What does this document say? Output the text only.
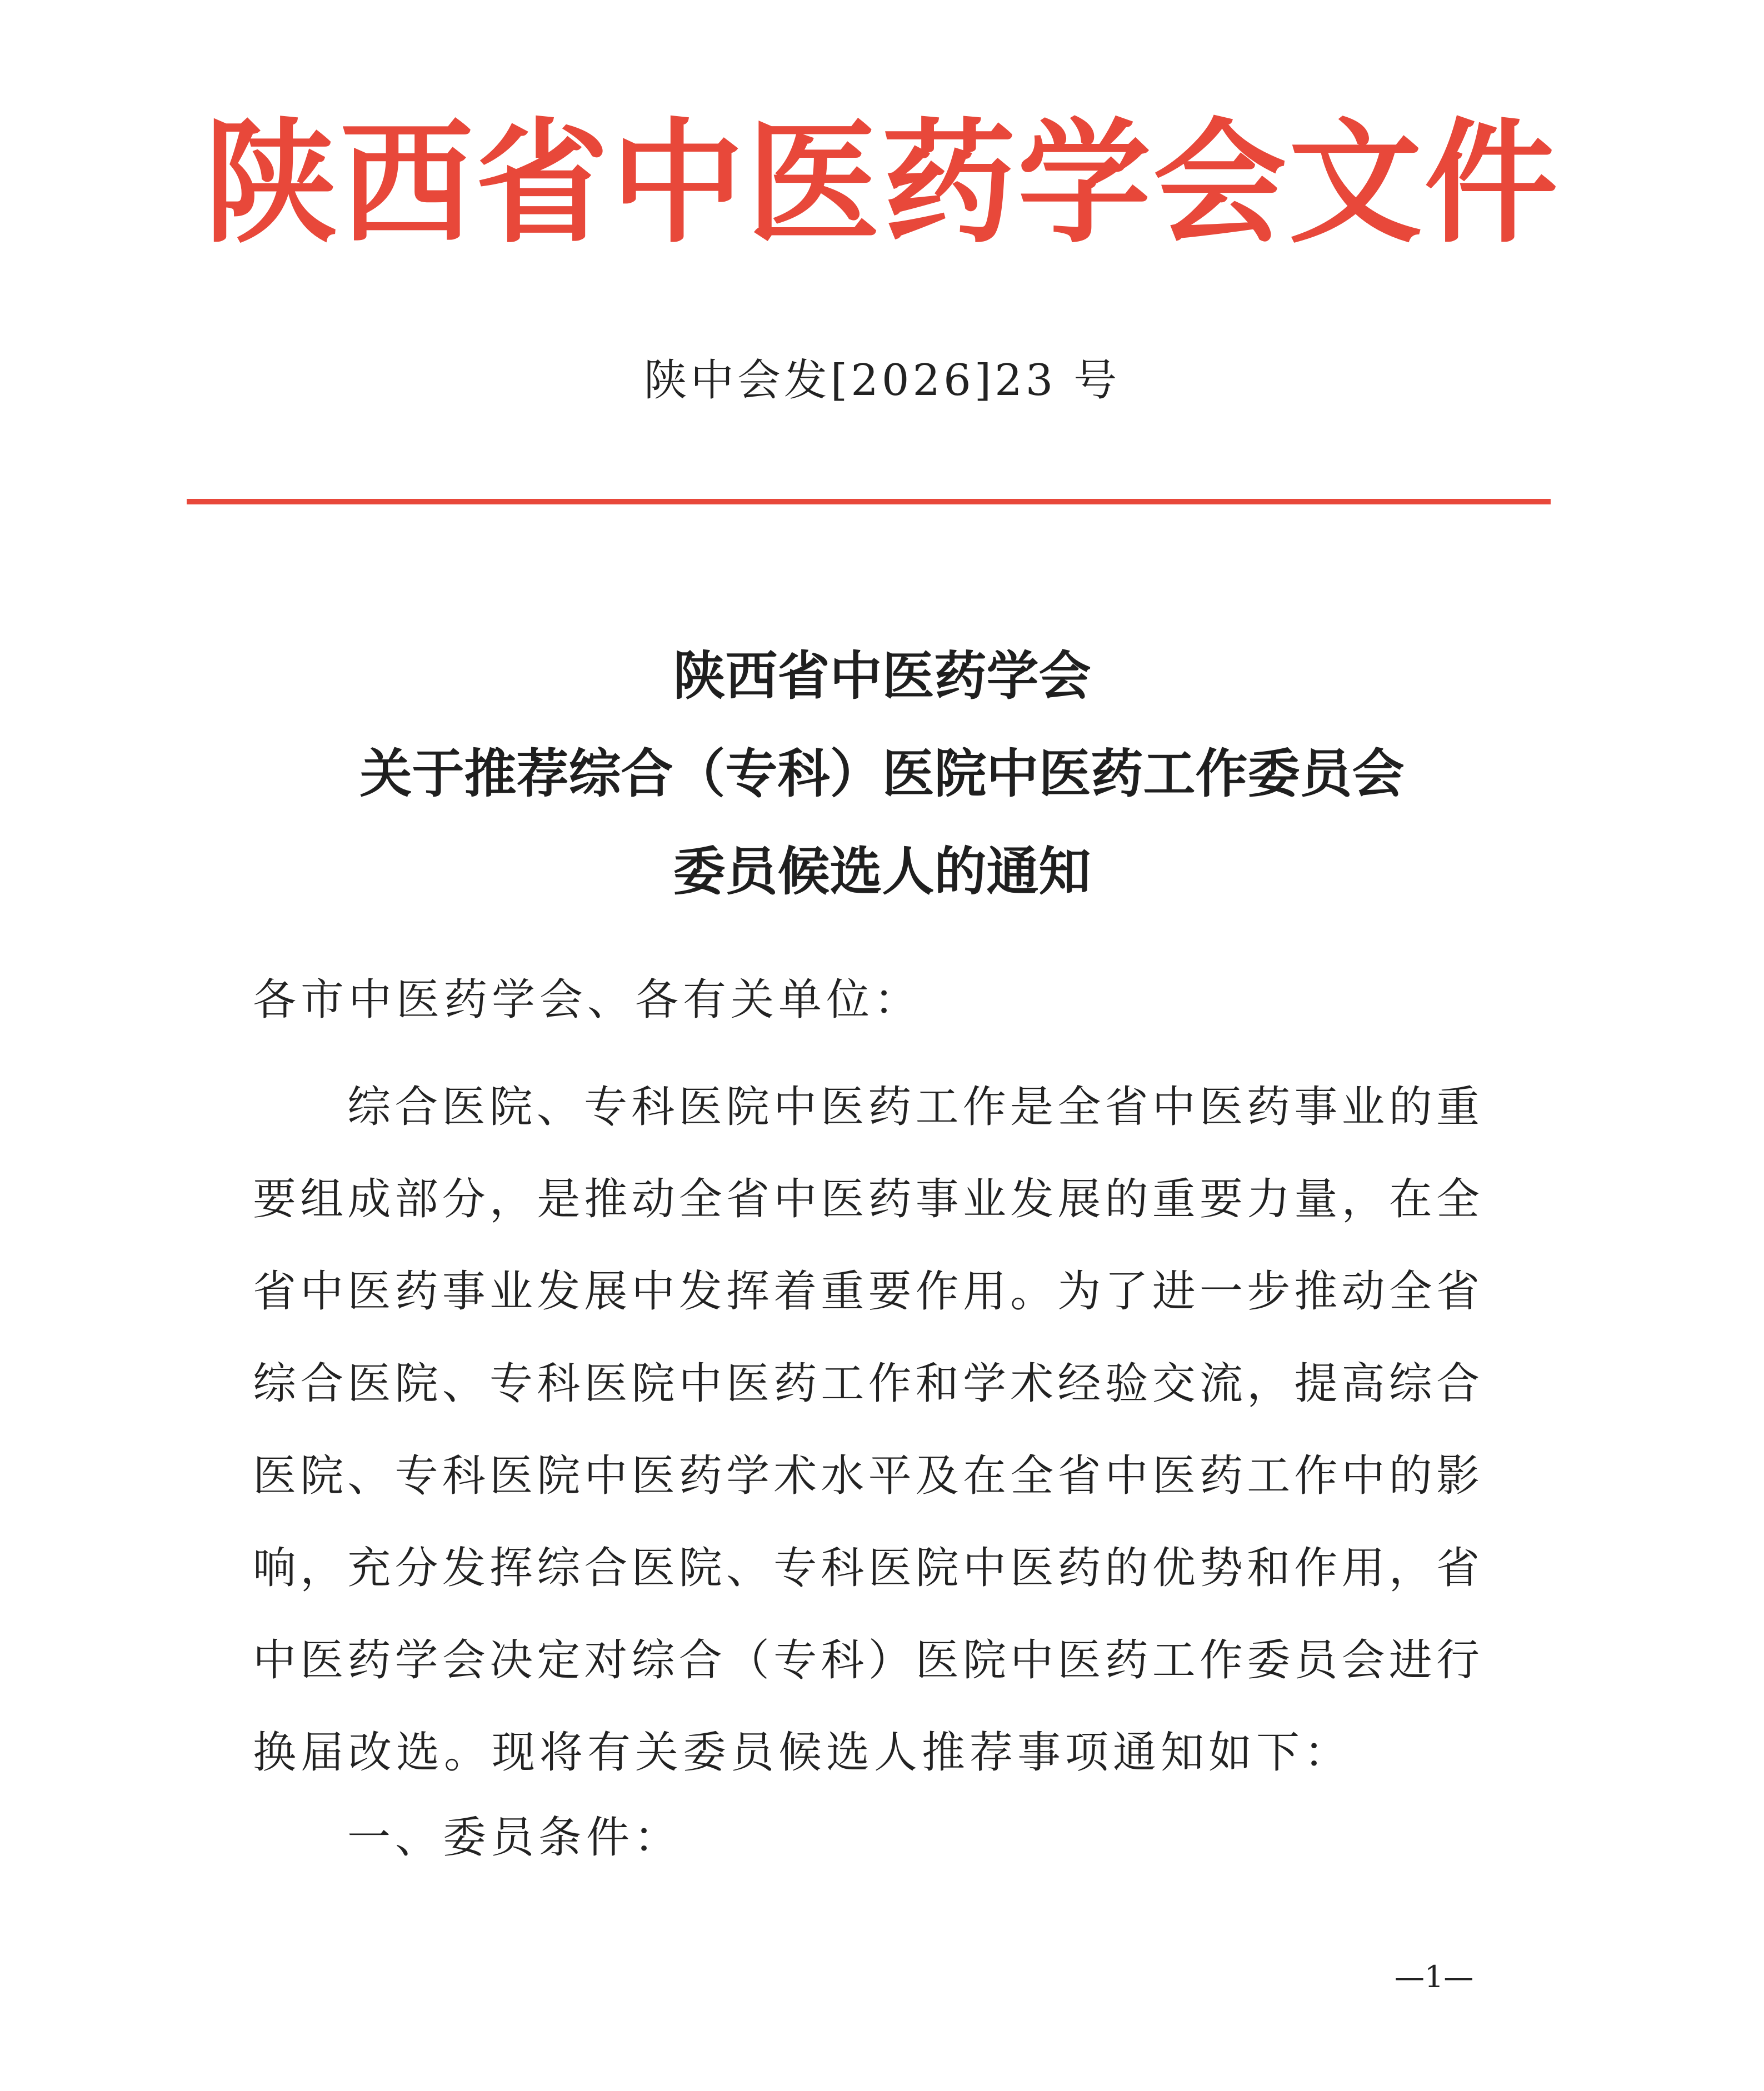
陕西省中医药学会文件
陕中会发[2026]23 号
陕西省中医药学会
关于推荐综合（专科）医院中医药工作委员会
委员候选人的通知
各市中医药学会、各有关单位：
综合医院、专科医院中医药工作是全省中医药事业的重
要组成部分，是推动全省中医药事业发展的重要力量，在全
省中医药事业发展中发挥着重要作用。为了进一步推动全省
综合医院、专科医院中医药工作和学术经验交流，提高综合
医院、专科医院中医药学术水平及在全省中医药工作中的影
响，充分发挥综合医院、专科医院中医药的优势和作用，省
中医药学会决定对综合（专科）医院中医药工作委员会进行
换届改选。现将有关委员候选人推荐事项通知如下：
一、委员条件：
—1—
